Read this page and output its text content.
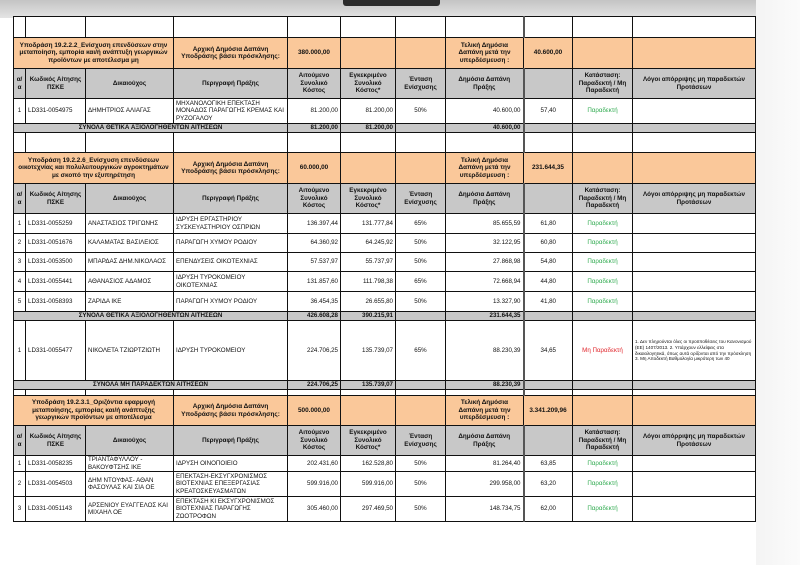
Υποδράση 19.2.2.2_Ενίσχυση επενδύσεων στην μεταποίηση, εμπορία και/ή ανάπτυξη γεωργικών προϊόντων με αποτέλεσμα μη			Αρχική Δημόσια Δαπάνη Υποδράσης βάσει πρόσκλησης:	380.000,00			Τελική Δημόσια Δαπάνη μετά την υπερδέσμευση :	40.600,00		
α/α	Κωδικός Αίτησης ΠΣΚΕ	Δικαιούχος	Περιγραφή Πράξης	Αιτούμενο Συνολικό Κόστος	Εγκεκριμένο Συνολικό Κόστος*	Ένταση Ενίσχυσης	Δημόσια Δαπάνη Πράξης		Κατάσταση: Παραδεκτή / Μη Παραδεκτή	Λόγοι απόρριψης μη παραδεκτών Προτάσεων
1	LD331-0054975	ΔΗΜΗΤΡΙΟΣ ΑΛΙΑΓΑΣ	ΜΗΧΑΝΟΛΟΓΙΚΗ ΕΠΕΚΤΑΣΗ ΜΟΝΑΔΟΣ ΠΑΡΑΓΩΓΗΣ ΚΡΕΜΑΣ ΚΑΙ ΡΥΖΟΓΑΛΟΥ	81.200,00	81.200,00	50%	40.600,00	57,40	Παραδεκτή	
ΣΥΝΟΛΑ ΘΕΤΙΚΑ ΑΞΙΟΛΟΓΗΘΕΝΤΩΝ ΑΙΤΗΣΕΩΝ				81.200,00	81.200,00		40.600,00			

Υποδράση 19.2.2.6_Ενίσχυση επενδύσεων οικοτεχνίας και πολυλειτουργικών αγροκτημάτων με σκοπό την εξυπηρέτηση			Αρχική Δημόσια Δαπάνη Υποδράσης βάσει πρόσκλησης:	60.000,00			Τελική Δημόσια Δαπάνη μετά την υπερδέσμευση :	231.644,35		
α/α	Κωδικός Αίτησης ΠΣΚΕ	Δικαιούχος	Περιγραφή Πράξης	Αιτούμενο Συνολικό Κόστος	Εγκεκριμένο Συνολικό Κόστος*	Ένταση Ενίσχυσης	Δημόσια Δαπάνη Πράξης		Κατάσταση: Παραδεκτή / Μη Παραδεκτή	Λόγοι απόρριψης μη παραδεκτών Προτάσεων
1	LD331-0055259	ΑΝΑΣΤΑΣΙΟΣ ΤΡΙΓΩΝΗΣ	ΙΔΡΥΣΗ ΕΡΓΑΣΤΗΡΙΟΥ ΣΥΣΚΕΥΑΣΤΗΡΙΟΥ ΟΣΠΡΙΩΝ	136.397,44	131.777,84	65%	85.655,59	61,80	Παραδεκτή	
2	LD331-0051676	ΚΑΛΑΜΑΤΑΣ ΒΑΣΙΛΕΙΟΣ	ΠΑΡΑΓΩΓΗ ΧΥΜΟΥ ΡΟΔΙΟΥ	64.360,92	64.245,92	50%	32.122,95	60,80	Παραδεκτή	
3	LD331-0053500	ΜΠΑΡΔΑΣ ΔΗΜ.ΝΙΚΟΛΑΟΣ	ΕΠΕΝΔΥΣΕΙΣ ΟΙΚΟΤΕΧΝΙΑΣ	57.537,97	55.737,97	50%	27.868,98	54,80	Παραδεκτή	
4	LD331-0055441	ΑΘΑΝΑΣΙΟΣ ΑΔΑΜΟΣ	ΙΔΡΥΣΗ ΤΥΡΟΚΟΜΕΙΟΥ ΟΙΚΟΤΕΧΝΙΑΣ	131.857,60	111.798,38	65%	72.668,94	44,80	Παραδεκτή	
5	LD331-0058393	ΖΑΡΙΔΑ ΙΚΕ	ΠΑΡΑΓΩΓΗ ΧΥΜΟΥ ΡΟΔΙΟΥ	36.454,35	26.655,80	50%	13.327,90	41,80	Παραδεκτή	
ΣΥΝΟΛΑ ΘΕΤΙΚΑ ΑΞΙΟΛΟΓΗΘΕΝΤΩΝ ΑΙΤΗΣΕΩΝ				426.608,28	390.215,91		231.644,35			
1	LD331-0055477	ΝΙΚΟΛΕΤΑ ΤΖΙΩΡΤΖΙΩΤΗ	ΙΔΡΥΣΗ ΤΥΡΟΚΟΜΕΙΟΥ	224.706,25	135.739,07	65%	88.230,39	34,65	Μη Παραδεκτή	1. Δεν πληρούνται όλες οι προϋποθέσεις του Κανονισμού (ΕΕ) 1407/2013. 2. Υπάρχουν ελλείψεις στα δικαιολογητικά, όπως αυτά ορίζονται από την πρόσκληση 3. Μη Αποδεκτή Βαθμολογία μικρότερη των 40
ΣΥΝΟΛΑ ΜΗ ΠΑΡΑΔΕΚΤΩΝ ΑΙΤΗΣΕΩΝ				224.706,25	135.739,07		88.230,39			

Υποδράση 19.2.3.1_Οριζόντια εφαρμογή μεταποίησης, εμπορίας και/ή ανάπτυξης γεωργικών προϊόντων με αποτέλεσμα			Αρχική Δημόσια Δαπάνη Υποδράσης βάσει πρόσκλησης:	500.000,00			Τελική Δημόσια Δαπάνη μετά την υπερδέσμευση :	3.341.209,96		
α/α	Κωδικός Αίτησης ΠΣΚΕ	Δικαιούχος	Περιγραφή Πράξης	Αιτούμενο Συνολικό Κόστος	Εγκεκριμένο Συνολικό Κόστος*	Ένταση Ενίσχυσης	Δημόσια Δαπάνη Πράξης		Κατάσταση: Παραδεκτή / Μη Παραδεκτή	Λόγοι απόρριψης μη παραδεκτών Προτάσεων
1	LD331-0058235	ΤΡΙΑΝΤΑΦΥΛΛΟΥ - ΒΑΚΟΥΦΤΣΗΣ ΙΚΕ	ΙΔΡΥΣΗ ΟΙΝΟΠΟΙΕΙΟ	202.431,60	162.528,80	50%	81.264,40	63,85	Παραδεκτή	
2	LD331-0054503	ΔΗΜ ΝΤΟΥΦΑΣ- ΑΘΑΝ ΦΑΣΟΥΛΑΣ ΚΑΙ ΣΙΑ ΟΕ	ΕΠΕΚΤΑΣΗ-ΕΚΣΥΓΧΡΟΝΙΣΜΟΣ ΒΙΟΤΕΧΝΙΑΣ ΕΠΕΞΕΡΓΑΣΙΑΣ ΚΡΕΑΤΟΣΚΕΥΑΣΜΑΤΩΝ	599.916,00	599.916,00	50%	299.958,00	63,20	Παραδεκτή	
3	LD331-0051143	ΑΡΣΕΝΙΟΥ ΕΥΑΓΓΕΛΟΣ ΚΑΙ ΜΙΧΑΗΛ ΟΕ	ΕΠΕΚΤΑΣΗ ΚΙ ΕΚΣΥΓΧΡΟΝΙΣΜΟΣ ΒΙΟΤΕΧΝΙΑΣ ΠΑΡΑΓΩΓΗΣ ΖΩΟΤΡΟΦΩΝ	305.460,00	297.469,50	50%	148.734,75	62,00	Παραδεκτή	
